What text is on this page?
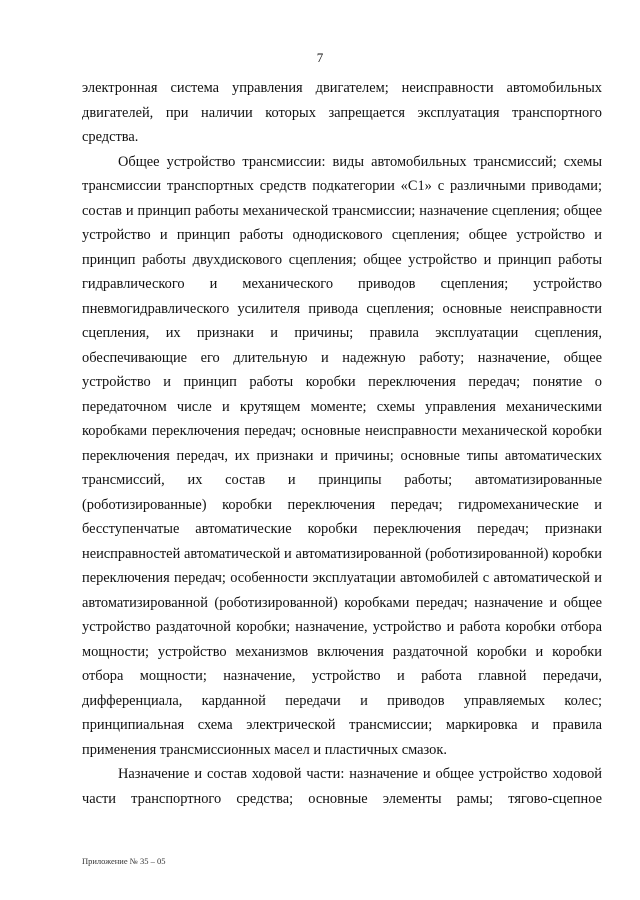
7

электронная система управления двигателем; неисправности автомобильных двигателей, при наличии которых запрещается эксплуатация транспортного средства.

Общее устройство трансмиссии: виды автомобильных трансмиссий; схемы трансмиссии транспортных средств подкатегории «C1» с различными приводами; состав и принцип работы механической трансмиссии; назначение сцепления; общее устройство и принцип работы однодискового сцепления; общее устройство и принцип работы двухдискового сцепления; общее устройство и принцип работы гидравлического и механического приводов сцепления; устройство пневмогидравлического усилителя привода сцепления; основные неисправности сцепления, их признаки и причины; правила эксплуатации сцепления, обеспечивающие его длительную и надежную работу; назначение, общее устройство и принцип работы коробки переключения передач; понятие о передаточном числе и крутящем моменте; схемы управления механическими коробками переключения передач; основные неисправности механической коробки переключения передач, их признаки и причины; основные типы автоматических трансмиссий, их состав и принципы работы; автоматизированные (роботизированные) коробки переключения передач; гидромеханические и бесступенчатые автоматические коробки переключения передач; признаки неисправностей автоматической и автоматизированной (роботизированной) коробки переключения передач; особенности эксплуатации автомобилей с автоматической и автоматизированной (роботизированной) коробками передач; назначение и общее устройство раздаточной коробки; назначение, устройство и работа коробки отбора мощности; устройство механизмов включения раздаточной коробки и коробки отбора мощности; назначение, устройство и работа главной передачи, дифференциала, карданной передачи и приводов управляемых колес; принципиальная схема электрической трансмиссии; маркировка и правила применения трансмиссионных масел и пластичных смазок.

Назначение и состав ходовой части: назначение и общее устройство ходовой части транспортного средства; основные элементы рамы; тягово-сцепное

Приложение № 35 – 05
